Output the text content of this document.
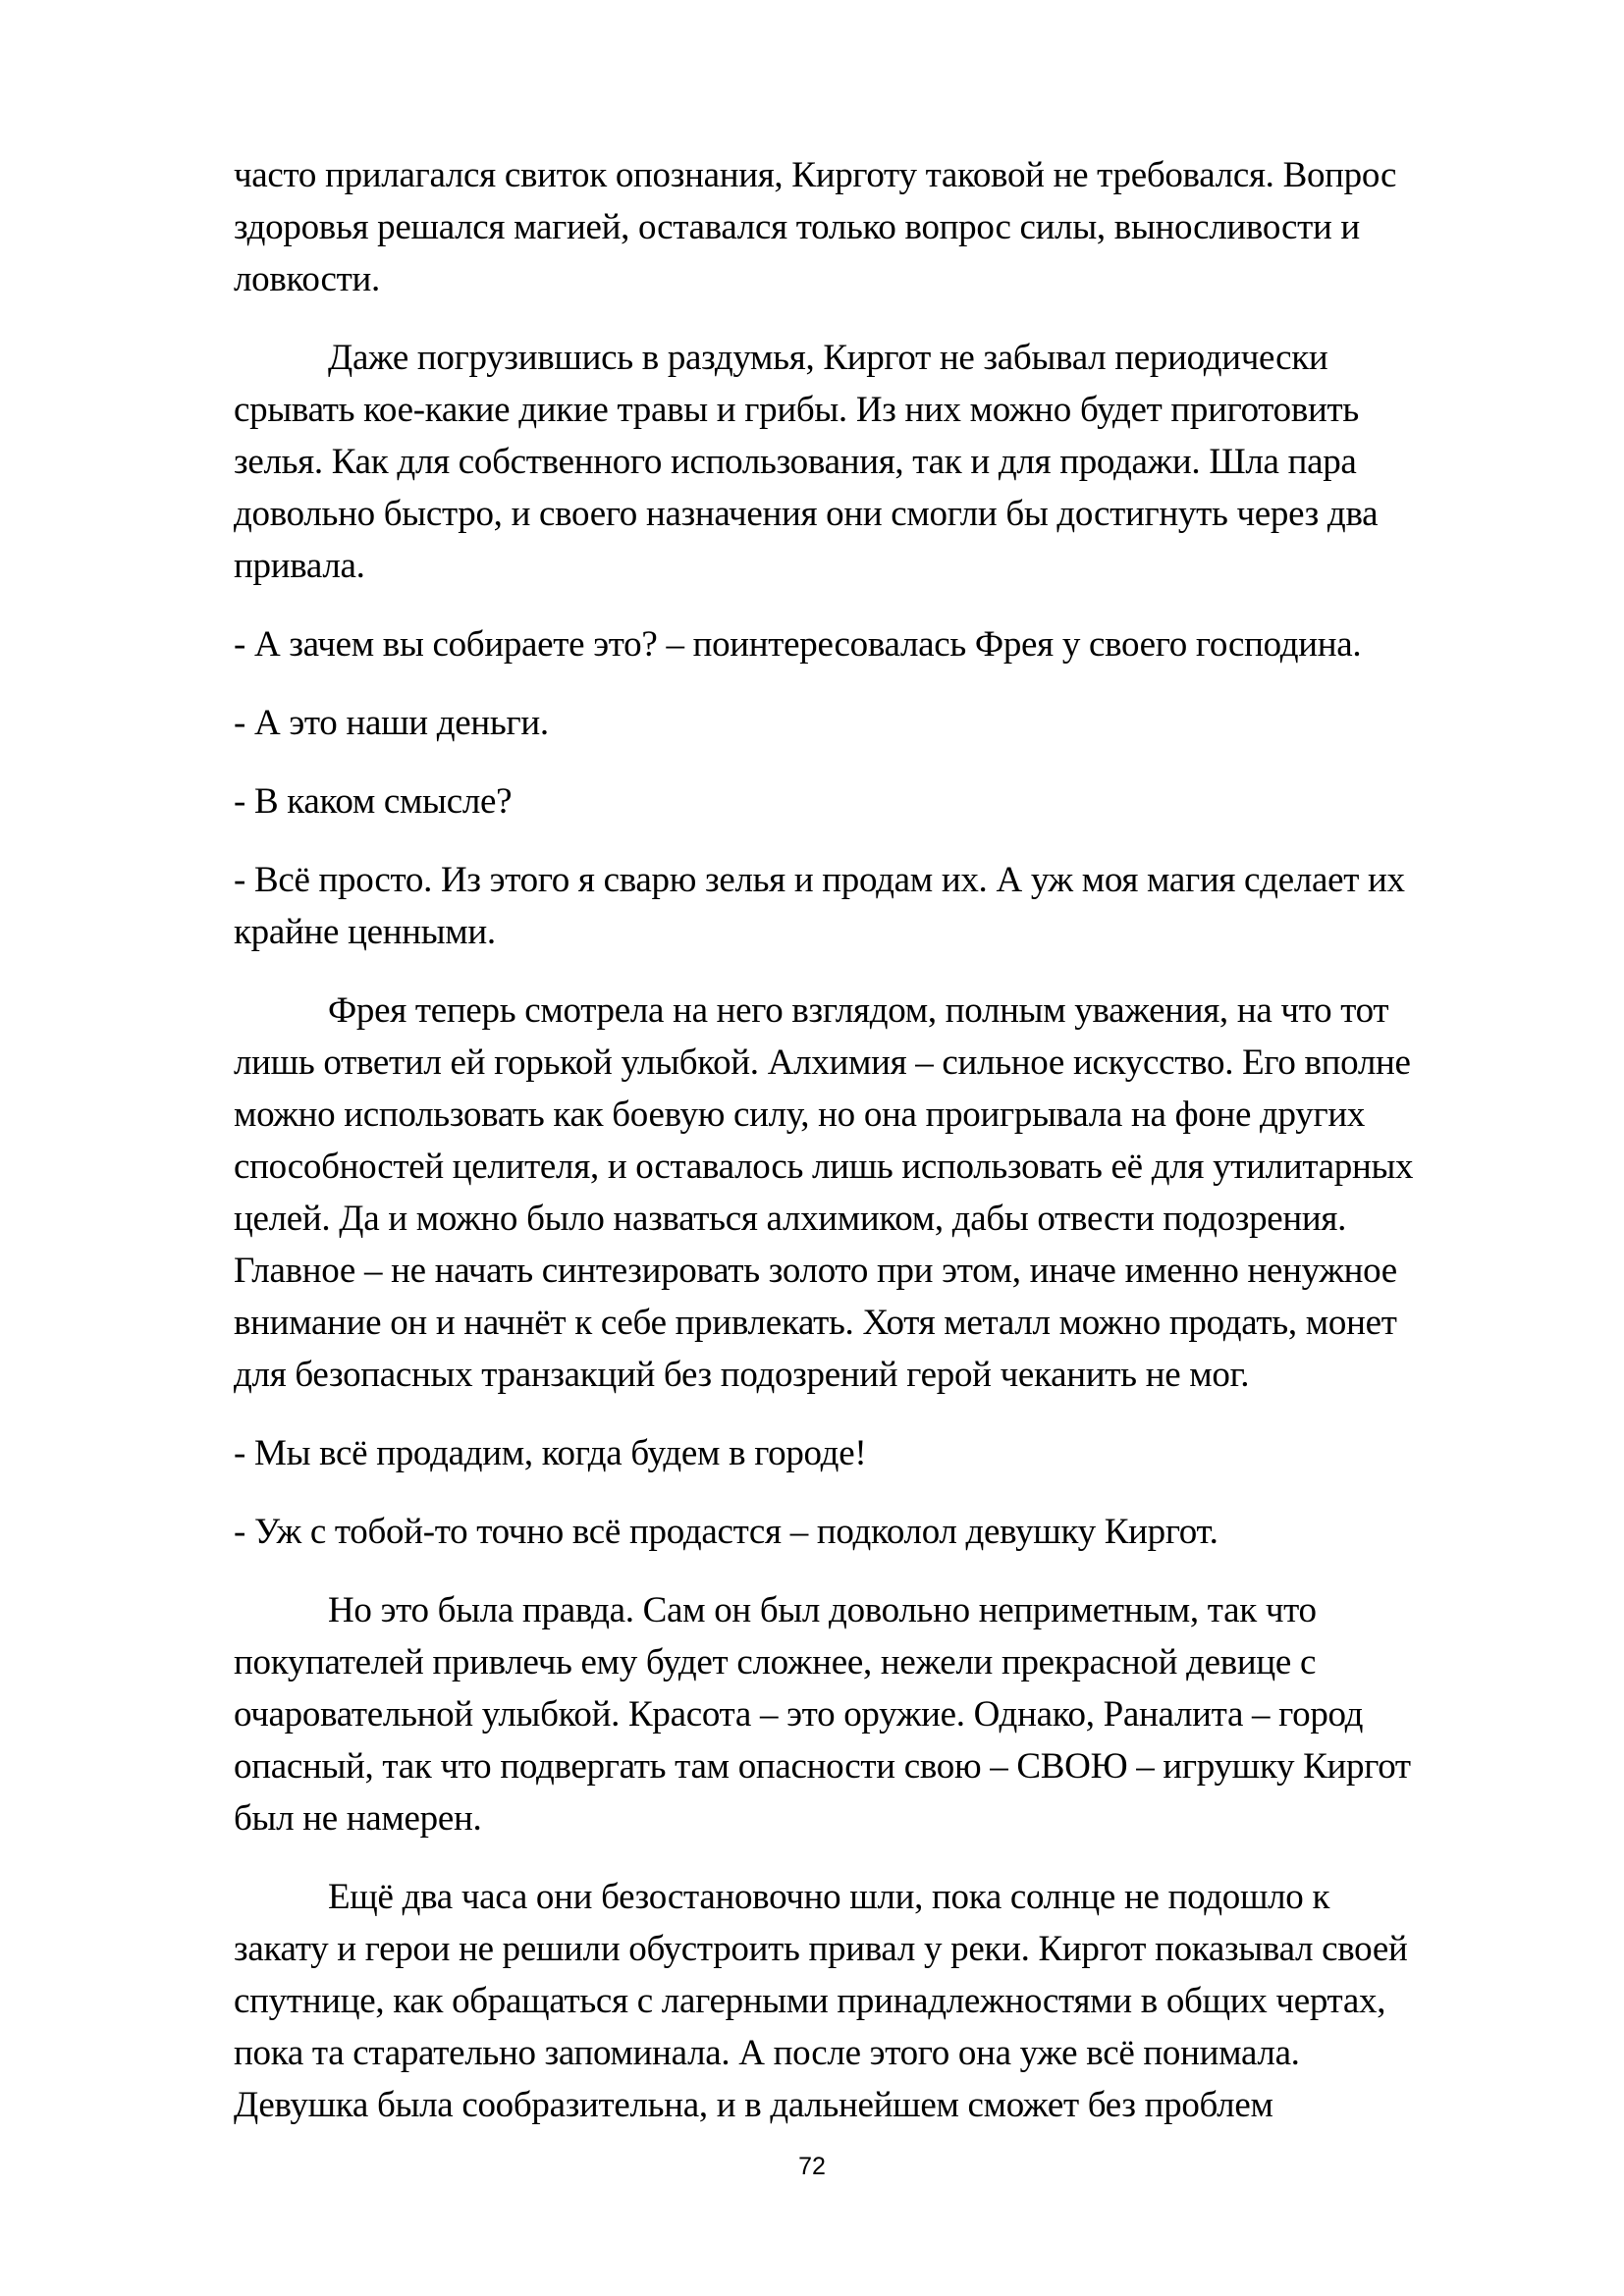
часто прилагался свиток опознания, Кирготу таковой не требовался. Вопрос
здоровья решался магией, оставался только вопрос силы, выносливости и
ловкости.

Даже погрузившись в раздумья, Киргот не забывал периодически
срывать кое-какие дикие травы и грибы. Из них можно будет приготовить
зелья. Как для собственного использования, так и для продажи. Шла пара
довольно быстро, и своего назначения они смогли бы достигнуть через два
привала.

- А зачем вы собираете это? – поинтересовалась Фрея у своего господина.

- А это наши деньги.

- В каком смысле?

- Всё просто. Из этого я сварю зелья и продам их. А уж моя магия сделает их
крайне ценными.

Фрея теперь смотрела на него взглядом, полным уважения, на что тот
лишь ответил ей горькой улыбкой. Алхимия – сильное искусство. Его вполне
можно использовать как боевую силу, но она проигрывала на фоне других
способностей целителя, и оставалось лишь использовать её для утилитарных
целей. Да и можно было назваться алхимиком, дабы отвести подозрения.
Главное – не начать синтезировать золото при этом, иначе именно ненужное
внимание он и начнёт к себе привлекать. Хотя металл можно продать, монет
для безопасных транзакций без подозрений герой чеканить не мог.

- Мы всё продадим, когда будем в городе!

- Уж с тобой-то точно всё продастся – подколол девушку Киргот.

Но это была правда. Сам он был довольно неприметным, так что
покупателей привлечь ему будет сложнее, нежели прекрасной девице с
очаровательной улыбкой. Красота – это оружие. Однако, Раналита – город
опасный, так что подвергать там опасности свою – СВОЮ – игрушку Киргот
был не намерен.

Ещё два часа они безостановочно шли, пока солнце не подошло к
закату и герои не решили обустроить привал у реки. Киргот показывал своей
спутнице, как обращаться с лагерными принадлежностями в общих чертах,
пока та старательно запоминала. А после этого она уже всё понимала.
Девушка была сообразительна, и в дальнейшем сможет без проблем

72
